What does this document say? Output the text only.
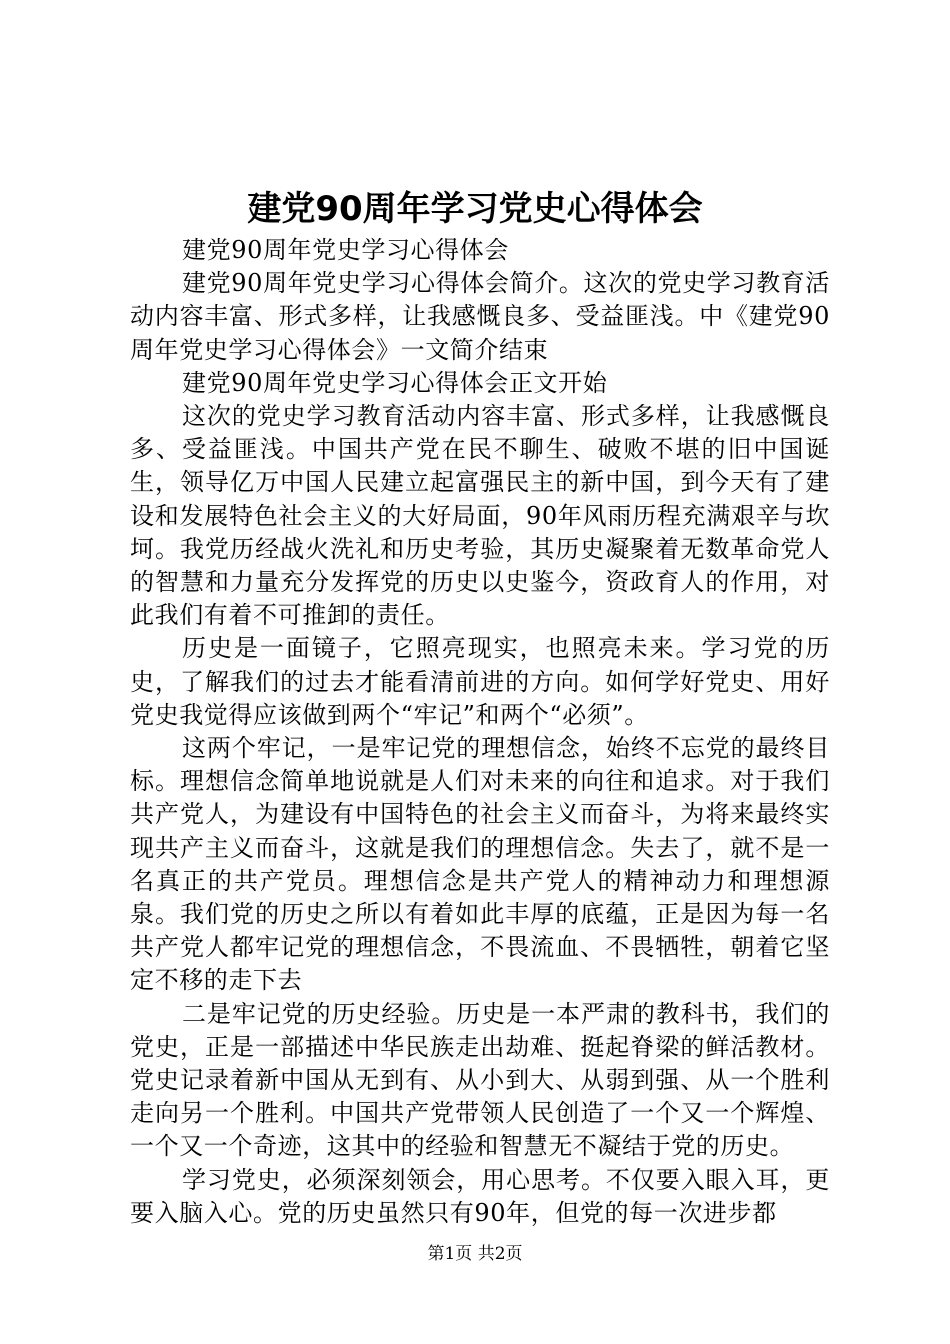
建党90周年学习党史心得体会

建党90周年党史学习心得体会

建党90周年党史学习心得体会简介。这次的党史学习教育活动内容丰富、形式多样，让我感慨良多、受益匪浅。中《建党90周年党史学习心得体会》一文简介结束

建党90周年党史学习心得体会正文开始

这次的党史学习教育活动内容丰富、形式多样，让我感慨良多、受益匪浅。中国共产党在民不聊生、破败不堪的旧中国诞生，领导亿万中国人民建立起富强民主的新中国，到今天有了建设和发展特色社会主义的大好局面，90年风雨历程充满艰辛与坎坷。我党历经战火洗礼和历史考验，其历史凝聚着无数革命党人的智慧和力量充分发挥党的历史以史鉴今，资政育人的作用，对此我们有着不可推卸的责任。

历史是一面镜子，它照亮现实，也照亮未来。学习党的历史，了解我们的过去才能看清前进的方向。如何学好党史、用好党史我觉得应该做到两个“牢记”和两个“必须”。

这两个牢记，一是牢记党的理想信念，始终不忘党的最终目标。理想信念简单地说就是人们对未来的向往和追求。对于我们共产党人，为建设有中国特色的社会主义而奋斗，为将来最终实现共产主义而奋斗，这就是我们的理想信念。失去了，就不是一名真正的共产党员。理想信念是共产党人的精神动力和理想源泉。我们党的历史之所以有着如此丰厚的底蕴，正是因为每一名共产党人都牢记党的理想信念，不畏流血、不畏牺牲，朝着它坚定不移的走下去

二是牢记党的历史经验。历史是一本严肃的教科书，我们的党史，正是一部描述中华民族走出劫难、挺起脊梁的鲜活教材。党史记录着新中国从无到有、从小到大、从弱到强、从一个胜利走向另一个胜利。中国共产党带领人民创造了一个又一个辉煌、一个又一个奇迹，这其中的经验和智慧无不凝结于党的历史。

学习党史，必须深刻领会，用心思考。不仅要入眼入耳，更要入脑入心。党的历史虽然只有90年，但党的每一次进步都

第1页 共2页
